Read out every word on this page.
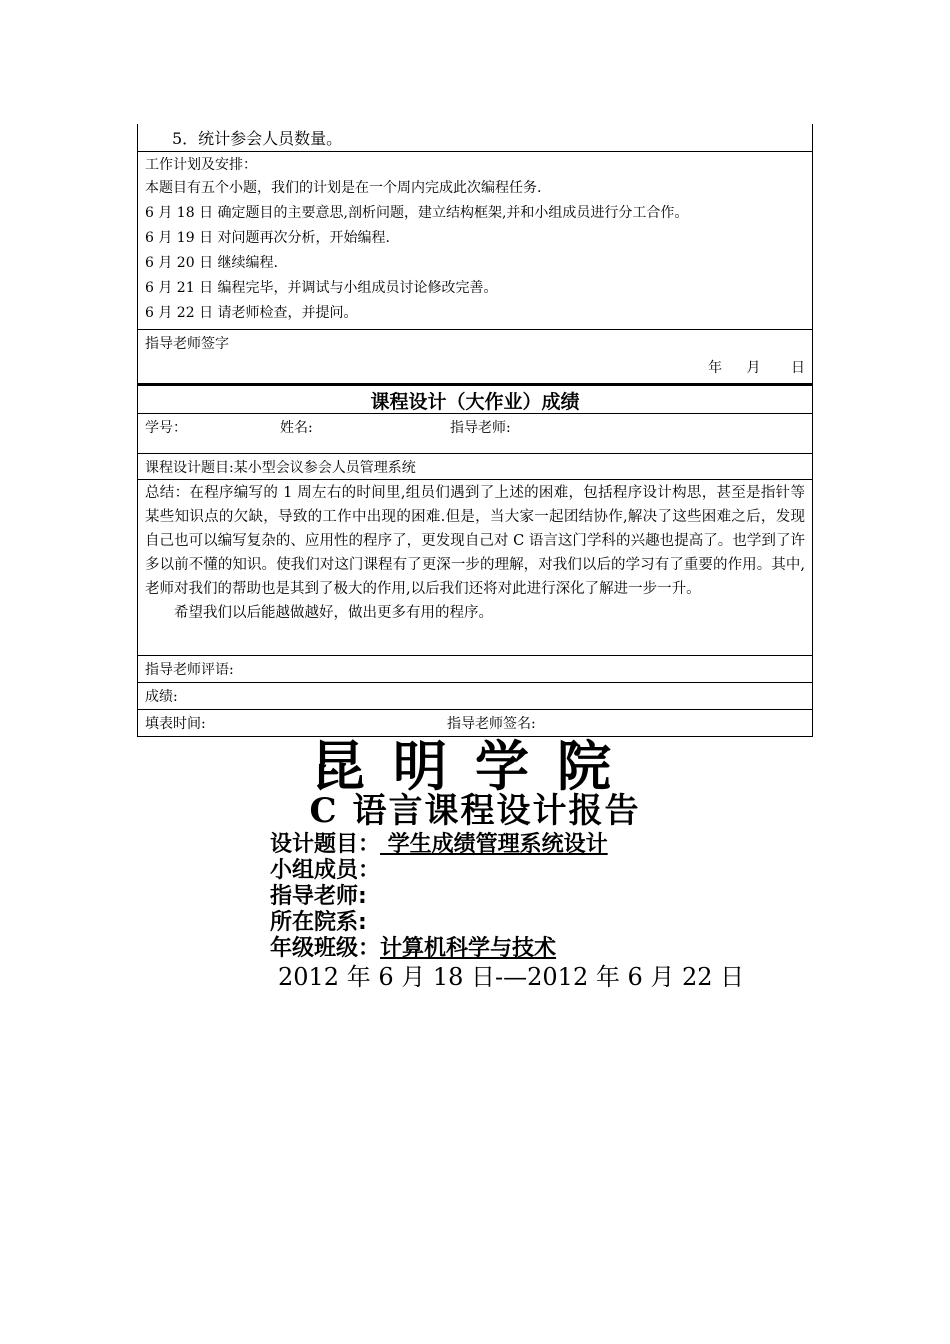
5．统计参会人员数量。
工作计划及安排：
本题目有五个小题，我们的计划是在一个周内完成此次编程任务.
6 月 18 日 确定题目的主要意思,剖析问题，建立结构框架,并和小组成员进行分工合作。
6 月 19 日 对问题再次分析，开始编程.
6 月 20 日 继续编程.
6 月 21 日 编程完毕，并调试与小组成员讨论修改完善。
6 月 22 日 请老师检查，并提问。
指导老师签字
年 月 日
课程设计（大作业）成绩
学号：	姓名:	指导老师:
课程设计题目:某小型会议参会人员管理系统
总结：在程序编写的 1 周左右的时间里,组员们遇到了上述的困难，包括程序设计构思，甚至是指针等某些知识点的欠缺，导致的工作中出现的困难.但是，当大家一起团结协作,解决了这些困难之后，发现自己也可以编写复杂的、应用性的程序了，更发现自己对 C 语言这门学科的兴趣也提高了。也学到了许多以前不懂的知识。使我们对这门课程有了更深一步的理解，对我们以后的学习有了重要的作用。其中,老师对我们的帮助也是其到了极大的作用,以后我们还将对此进行深化了解进一步一升。
希望我们以后能越做越好，做出更多有用的程序。
指导老师评语:
成绩:
填表时间:	指导老师签名:
昆明学院
C 语言课程设计报告
设计题目： 学生成绩管理系统设计
小组成员：
指导老师:
所在院系:
年级班级：计算机科学与技术
2012 年 6 月 18 日-—2012 年 6 月 22 日
